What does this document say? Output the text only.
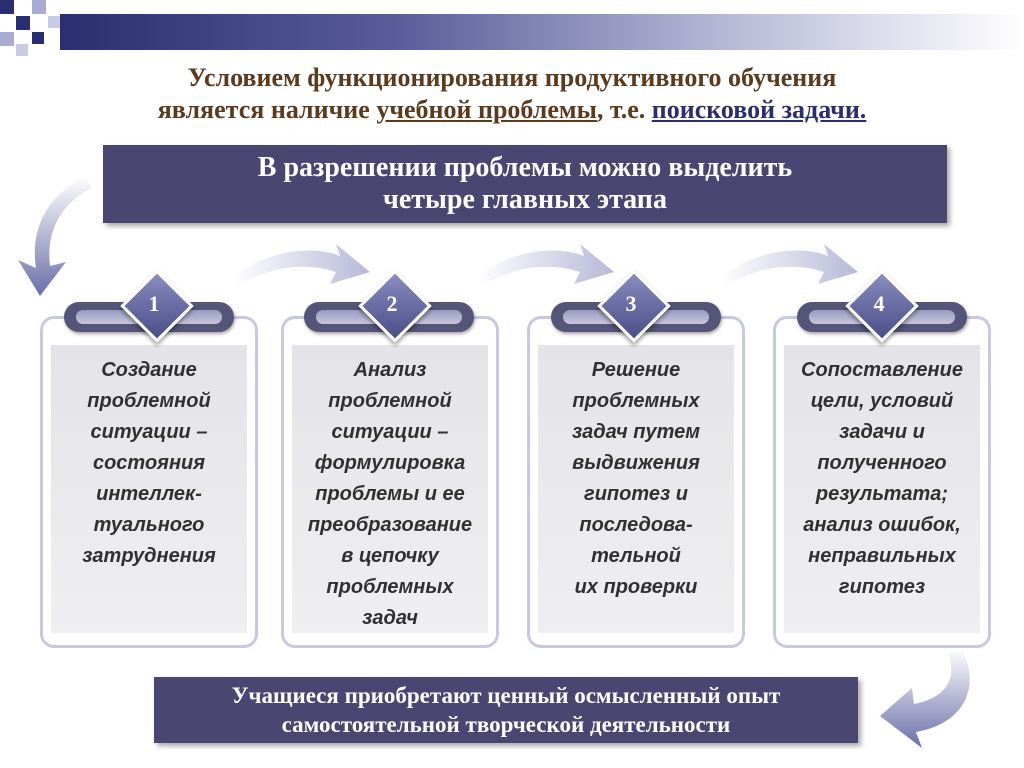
Условием функционирования продуктивного обучения
является наличие учебной проблемы, т.е. поисковой задачи.
В разрешении проблемы можно выделить
четыре главных этапа
Создание
проблемной
ситуации –
состояния
интеллек-
туального
затруднения
Анализ
проблемной
ситуации –
формулировка
проблемы и ее
преобразование
в цепочку
проблемных
задач
Решение
проблемных
задач путем
выдвижения
гипотез и
последова-
тельной
их проверки
Сопоставление
цели, условий
задачи и
полученного
результата;
анализ ошибок,
неправильных
гипотез
1	2	3	4
Учащиеся приобретают ценный осмысленный опыт
самостоятельной творческой деятельности
